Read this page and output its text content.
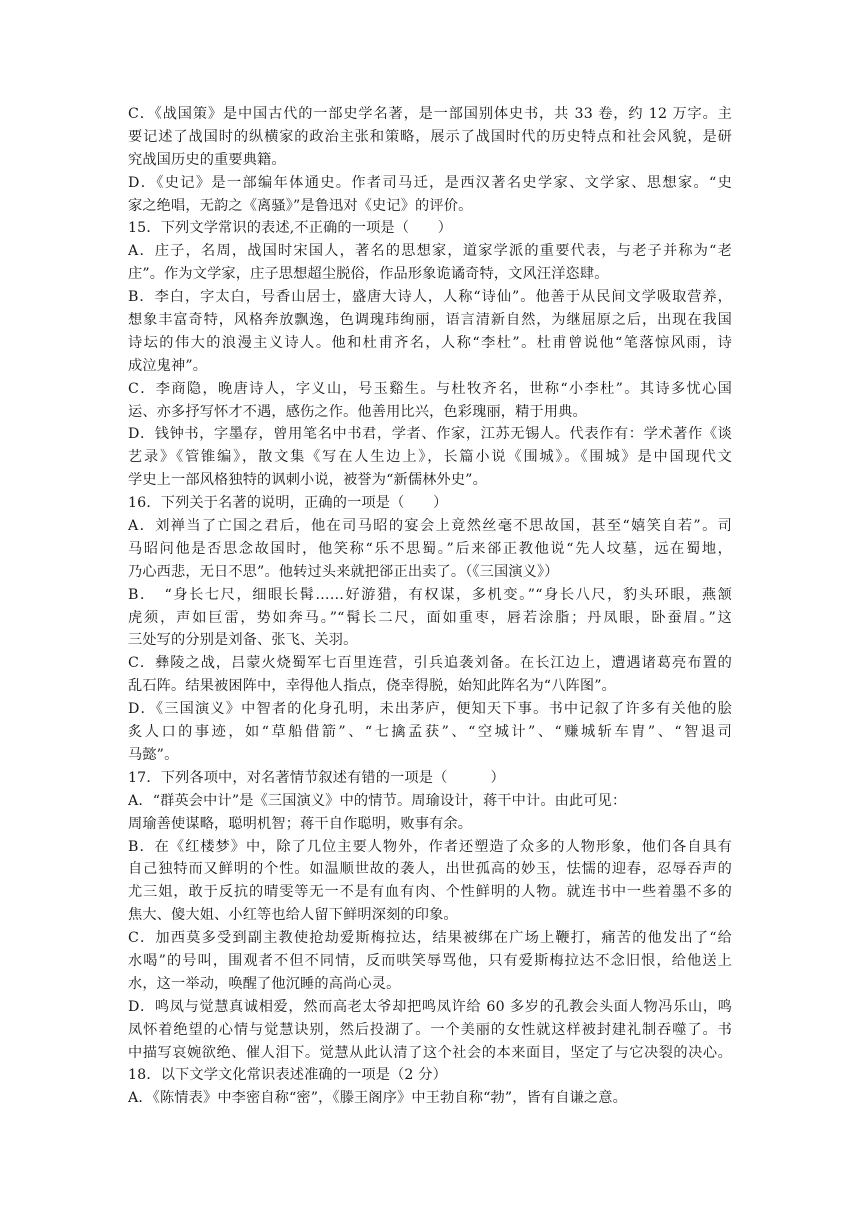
C．《战国策》是中国古代的一部史学名著，是一部国别体史书，共 33 卷，约 12 万字。主
要记述了战国时的纵横家的政治主张和策略，展示了战国时代的历史特点和社会风貌，是研
究战国历史的重要典籍。
D．《史记》是一部编年体通史。作者司马迁，是西汉著名史学家、文学家、思想家。“史
家之绝唱，无韵之《离骚》”是鲁迅对《史记》的评价。
15．下列文学常识的表述,不正确的一项是（　　）
A．庄子，名周，战国时宋国人，著名的思想家，道家学派的重要代表，与老子并称为“老
庄”。作为文学家，庄子思想超尘脱俗，作品形象诡谲奇特，文风汪洋恣肆。
B．李白，字太白，号香山居士，盛唐大诗人，人称“诗仙”。他善于从民间文学吸取营养，
想象丰富奇特，风格奔放飘逸，色调瑰玮绚丽，语言清新自然，为继屈原之后，出现在我国
诗坛的伟大的浪漫主义诗人。他和杜甫齐名，人称“李杜”。杜甫曾说他“笔落惊风雨，诗
成泣鬼神”。
C．李商隐，晚唐诗人，字义山，号玉谿生。与杜牧齐名，世称“小李杜”。其诗多忧心国
运、亦多抒写怀才不遇，感伤之作。他善用比兴，色彩瑰丽，精于用典。
D．钱钟书，字墨存，曾用笔名中书君，学者、作家，江苏无锡人。代表作有：学术著作《谈
艺录》《管锥编》，散文集《写在人生边上》，长篇小说《围城》。《围城》是中国现代文
学史上一部风格独特的讽刺小说，被誉为“新儒林外史”。
16．下列关于名著的说明，正确的一项是（　　）
A．刘禅当了亡国之君后，他在司马昭的宴会上竟然丝毫不思故国，甚至“嬉笑自若”。司
马昭问他是否思念故国时，他笑称“乐不思蜀。”后来郤正教他说“先人坟墓，远在蜀地，
乃心西悲，无日不思”。他转过头来就把郤正出卖了。（《三国演义》）
B．　“身长七尺，细眼长髯……好游猎，有权谋，多机变。”“身长八尺，豹头环眼，燕颔
虎须，声如巨雷，势如奔马。”“髯长二尺，面如重枣，唇若涂脂；丹凤眼，卧蚕眉。”这
三处写的分别是刘备、张飞、关羽。
C．彝陵之战，吕蒙火烧蜀军七百里连营，引兵追袭刘备。在长江边上，遭遇诸葛亮布置的
乱石阵。结果被困阵中，幸得他人指点，侥幸得脱，始知此阵名为“八阵图”。
D．《三国演义》中智者的化身孔明，未出茅庐，便知天下事。书中记叙了许多有关他的脍
炙人口的事迹，如“草船借箭”、“七擒孟获”、“空城计”、“赚城斩车胄”、“智退司
马懿”。
17．下列各项中，对名著情节叙述有错的一项是（　　　）
A．“群英会中计”是《三国演义》中的情节。周瑜设计，蒋干中计。由此可见：
周瑜善使谋略，聪明机智；蒋干自作聪明，败事有余。
B．在《红楼梦》中，除了几位主要人物外，作者还塑造了众多的人物形象，他们各自具有
自己独特而又鲜明的个性。如温顺世故的袭人，出世孤高的妙玉，怯懦的迎春，忍辱吞声的
尤三姐，敢于反抗的晴雯等无一不是有血有肉、个性鲜明的人物。就连书中一些着墨不多的
焦大、傻大姐、小红等也给人留下鲜明深刻的印象。
C．加西莫多受到副主教使抢劫爱斯梅拉达，结果被绑在广场上鞭打，痛苦的他发出了“给
水喝”的号叫，围观者不但不同情，反而哄笑辱骂他，只有爱斯梅拉达不念旧恨，给他送上
水，这一举动，唤醒了他沉睡的高尚心灵。
D．鸣凤与觉慧真诚相爱，然而高老太爷却把鸣凤许给 60 多岁的孔教会头面人物冯乐山，鸣
凤怀着绝望的心情与觉慧诀别，然后投湖了。一个美丽的女性就这样被封建礼制吞噬了。书
中描写哀婉欲绝、催人泪下。觉慧从此认清了这个社会的本来面目，坚定了与它决裂的决心。
18．以下文学文化常识表述准确的一项是（2 分）
A．《陈情表》中李密自称“密”，《滕王阁序》中王勃自称“勃”，皆有自谦之意。
